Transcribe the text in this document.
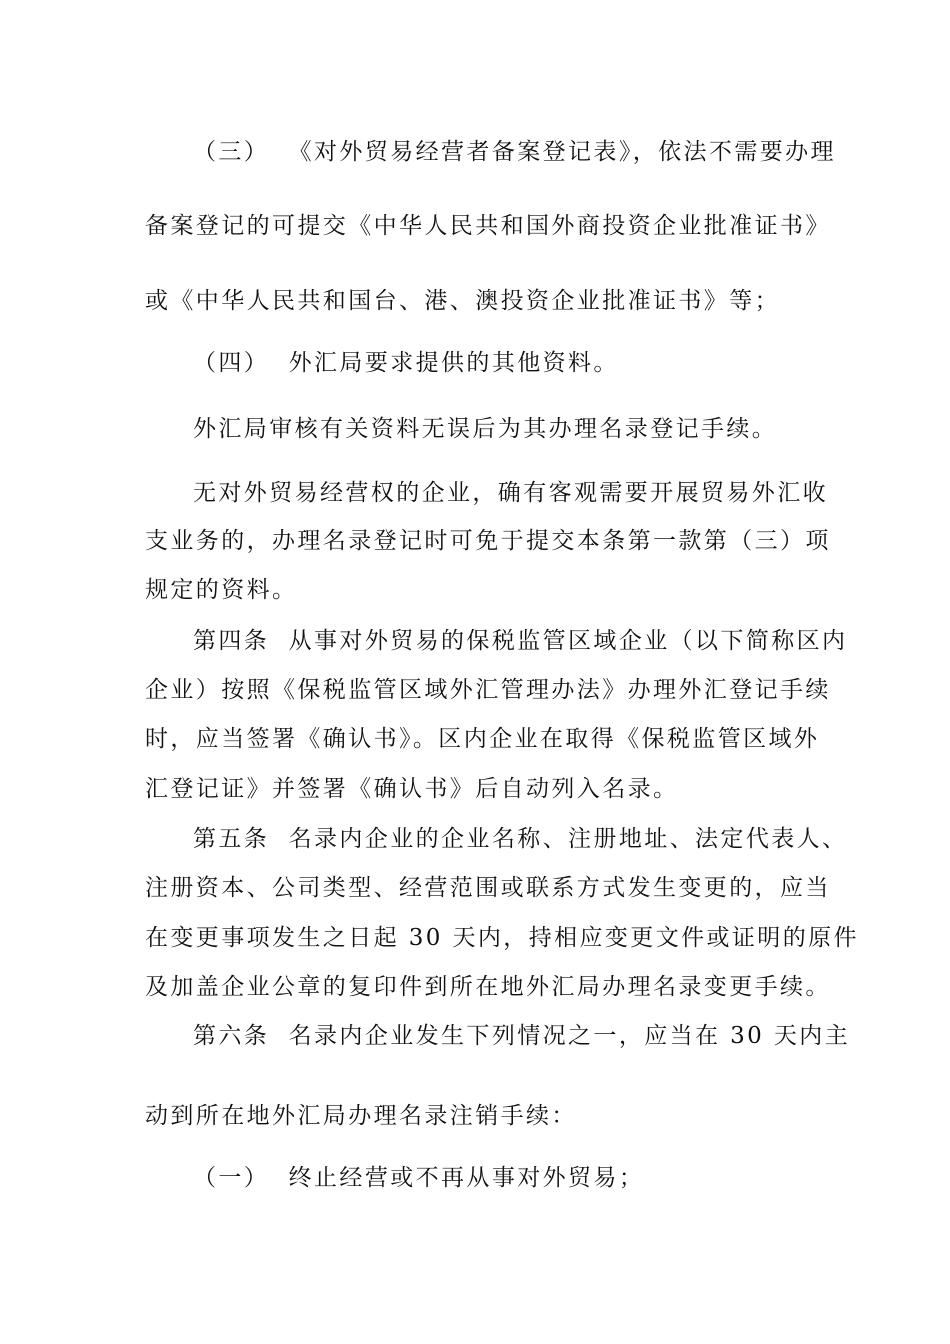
（三）  《对外贸易经营者备案登记表》，依法不需要办理
备案登记的可提交《中华人民共和国外商投资企业批准证书》
或《中华人民共和国台、港、澳投资企业批准证书》等；
（四）  外汇局要求提供的其他资料。
外汇局审核有关资料无误后为其办理名录登记手续。
无对外贸易经营权的企业，确有客观需要开展贸易外汇收
支业务的，办理名录登记时可免于提交本条第一款第（三）项
规定的资料。
第四条  从事对外贸易的保税监管区域企业（以下简称区内
企业）按照《保税监管区域外汇管理办法》办理外汇登记手续
时，应当签署《确认书》。区内企业在取得《保税监管区域外
汇登记证》并签署《确认书》后自动列入名录。
第五条  名录内企业的企业名称、注册地址、法定代表人、
注册资本、公司类型、经营范围或联系方式发生变更的，应当
在变更事项发生之日起 30 天内，持相应变更文件或证明的原件
及加盖企业公章的复印件到所在地外汇局办理名录变更手续。
第六条  名录内企业发生下列情况之一，应当在 30 天内主
动到所在地外汇局办理名录注销手续：
（一）  终止经营或不再从事对外贸易；
